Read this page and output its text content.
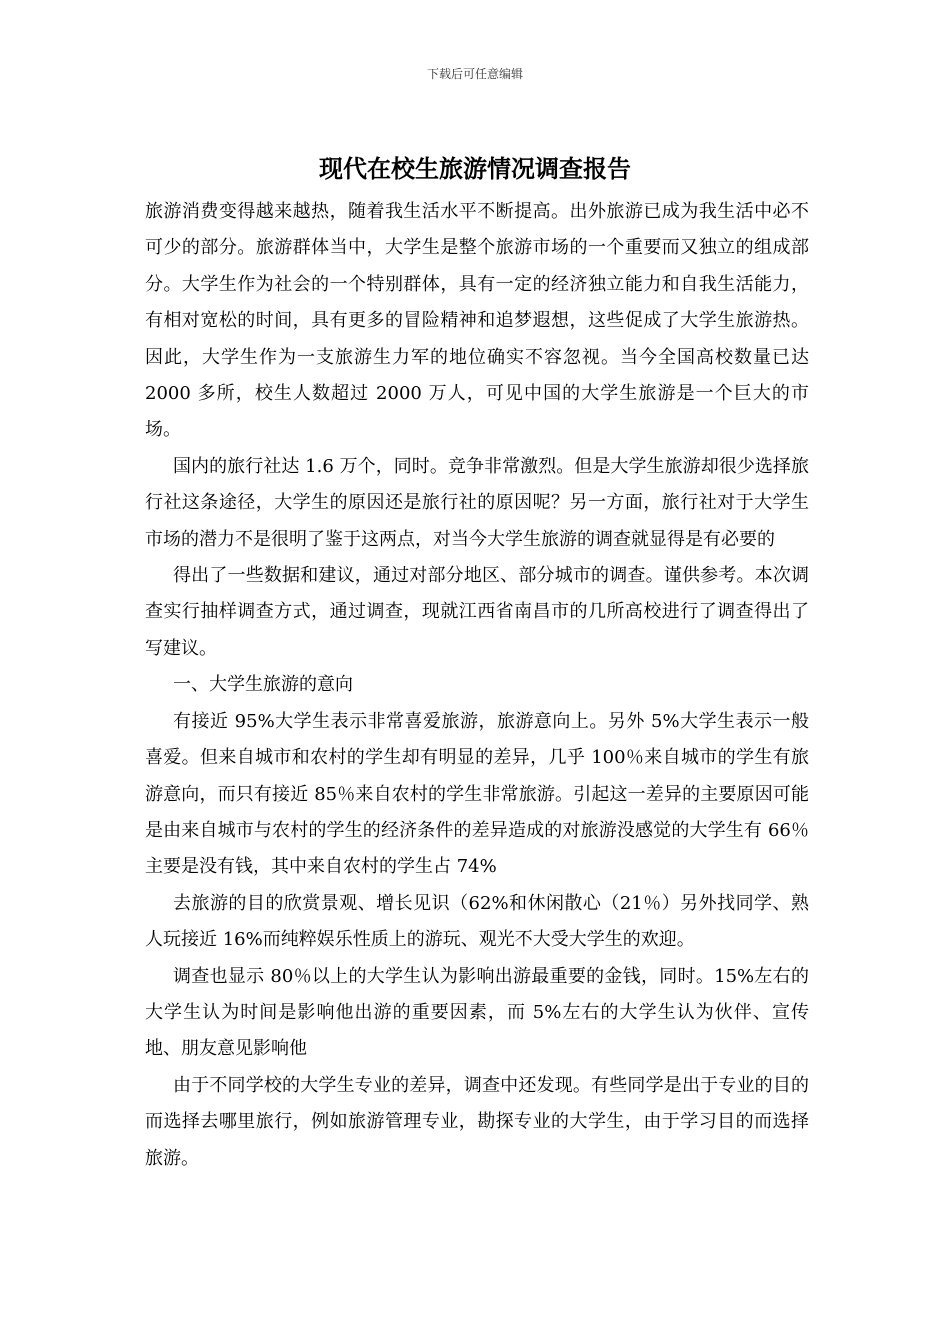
下载后可任意编辑
现代在校生旅游情况调查报告

旅游消费变得越来越热，随着我生活水平不断提高。出外旅游已成为我生活中必不可少的部分。旅游群体当中，大学生是整个旅游市场的一个重要而又独立的组成部分。大学生作为社会的一个特别群体，具有一定的经济独立能力和自我生活能力，有相对宽松的时间，具有更多的冒险精神和追梦遐想，这些促成了大学生旅游热。因此，大学生作为一支旅游生力军的地位确实不容忽视。当今全国高校数量已达 2000 多所，校生人数超过 2000 万人，可见中国的大学生旅游是一个巨大的市场。

国内的旅行社达 1.6 万个，同时。竞争非常激烈。但是大学生旅游却很少选择旅行社这条途径，大学生的原因还是旅行社的原因呢？另一方面，旅行社对于大学生市场的潜力不是很明了鉴于这两点，对当今大学生旅游的调查就显得是有必要的

得出了一些数据和建议，通过对部分地区、部分城市的调查。谨供参考。本次调查实行抽样调查方式，通过调查，现就江西省南昌市的几所高校进行了调查得出了写建议。

一、大学生旅游的意向

有接近 95%大学生表示非常喜爱旅游，旅游意向上。另外 5%大学生表示一般喜爱。但来自城市和农村的学生却有明显的差异，几乎 100％来自城市的学生有旅游意向，而只有接近 85％来自农村的学生非常旅游。引起这一差异的主要原因可能是由来自城市与农村的学生的经济条件的差异造成的对旅游没感觉的大学生有 66％主要是没有钱，其中来自农村的学生占 74%

去旅游的目的欣赏景观、增长见识（62%和休闲散心（21％）另外找同学、熟人玩接近 16%而纯粹娱乐性质上的游玩、观光不大受大学生的欢迎。

调查也显示 80％以上的大学生认为影响出游最重要的金钱，同时。15%左右的大学生认为时间是影响他出游的重要因素，而 5%左右的大学生认为伙伴、宣传地、朋友意见影响他

由于不同学校的大学生专业的差异，调查中还发现。有些同学是出于专业的目的而选择去哪里旅行，例如旅游管理专业，勘探专业的大学生，由于学习目的而选择旅游。
